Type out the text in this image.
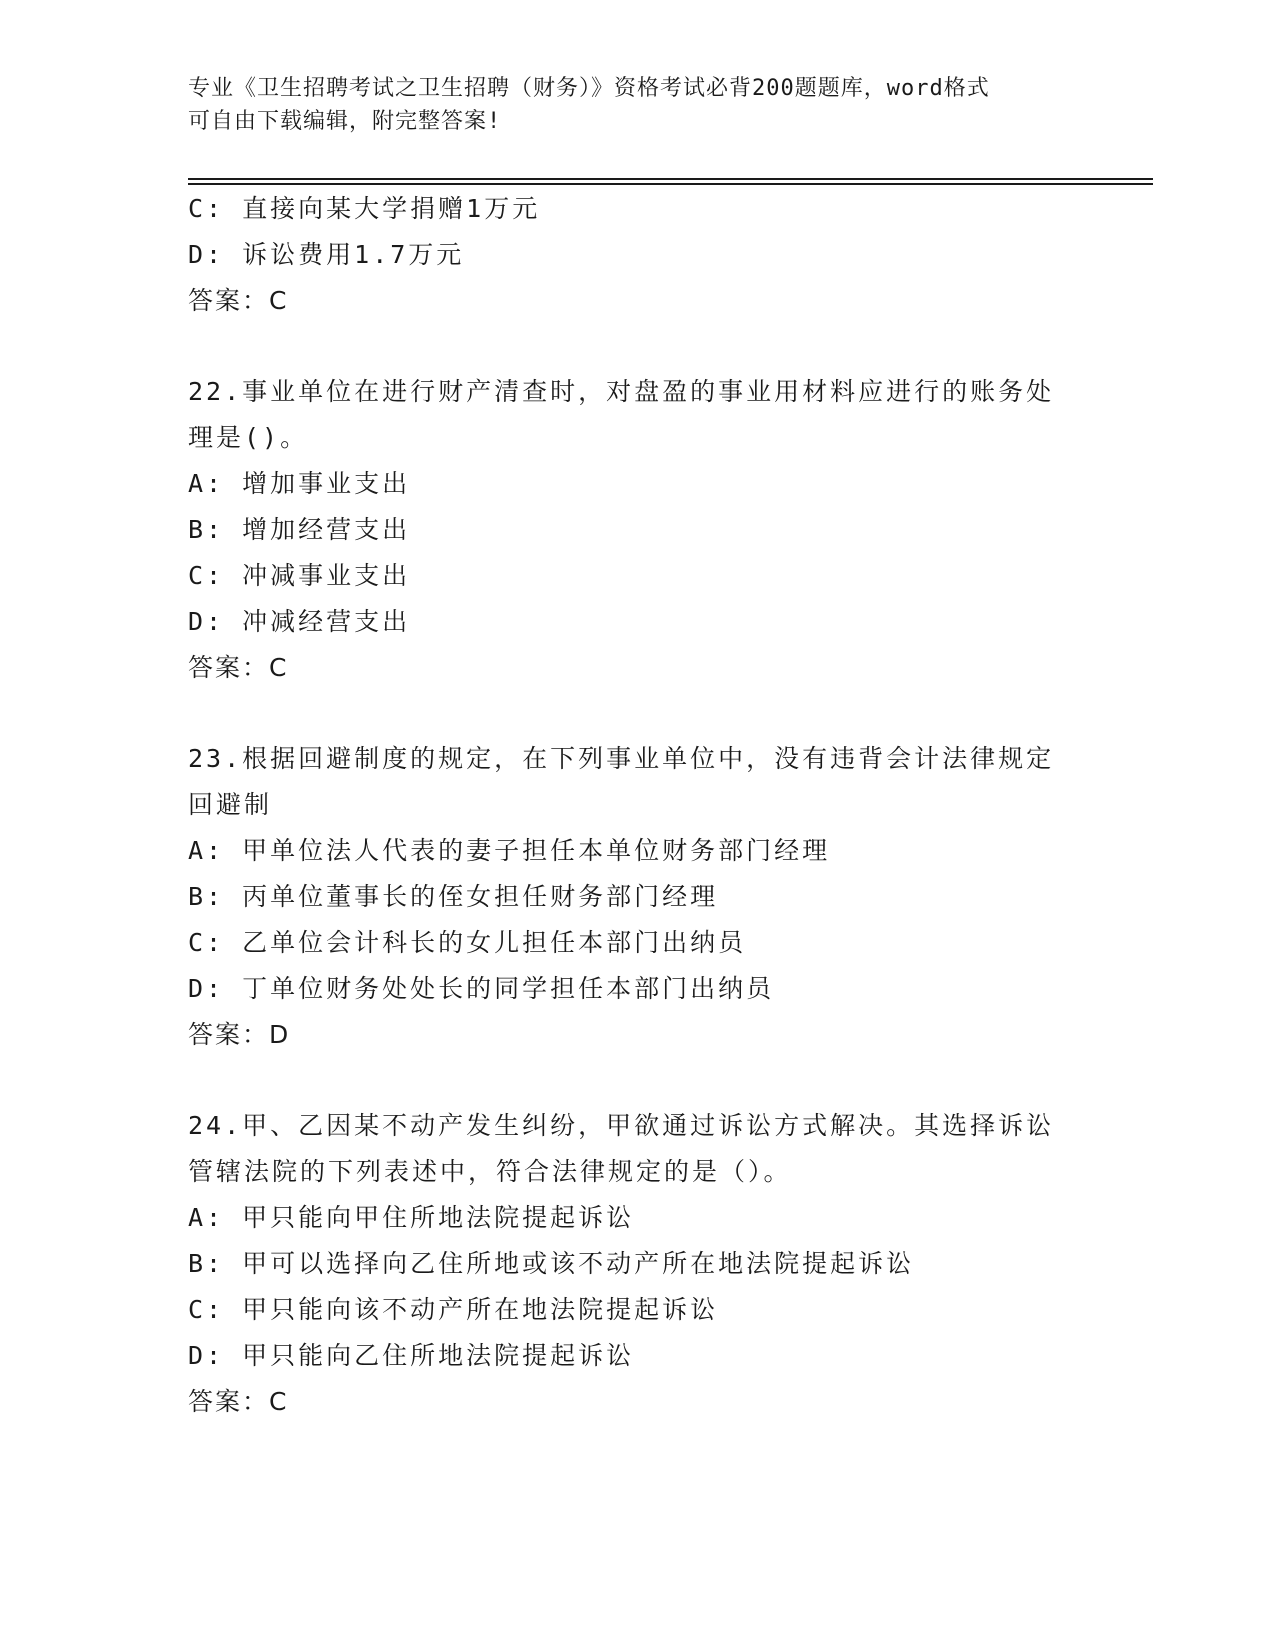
专业《卫生招聘考试之卫生招聘（财务）》资格考试必背200题题库，word格式
可自由下载编辑，附完整答案!

C: 直接向某大学捐赠1万元

D: 诉讼费用1.7万元

答案：C

22.事业单位在进行财产清查时，对盘盈的事业用材料应进行的账务处

理是()。

A: 增加事业支出

B: 增加经营支出

C: 冲减事业支出

D: 冲减经营支出

答案：C

23.根据回避制度的规定，在下列事业单位中，没有违背会计法律规定

回避制

A: 甲单位法人代表的妻子担任本单位财务部门经理

B: 丙单位董事长的侄女担任财务部门经理

C: 乙单位会计科长的女儿担任本部门出纳员

D: 丁单位财务处处长的同学担任本部门出纳员

答案：D

24.甲、乙因某不动产发生纠纷，甲欲通过诉讼方式解决。其选择诉讼

管辖法院的下列表述中，符合法律规定的是（）。

A: 甲只能向甲住所地法院提起诉讼

B: 甲可以选择向乙住所地或该不动产所在地法院提起诉讼

C: 甲只能向该不动产所在地法院提起诉讼

D: 甲只能向乙住所地法院提起诉讼

答案：C
